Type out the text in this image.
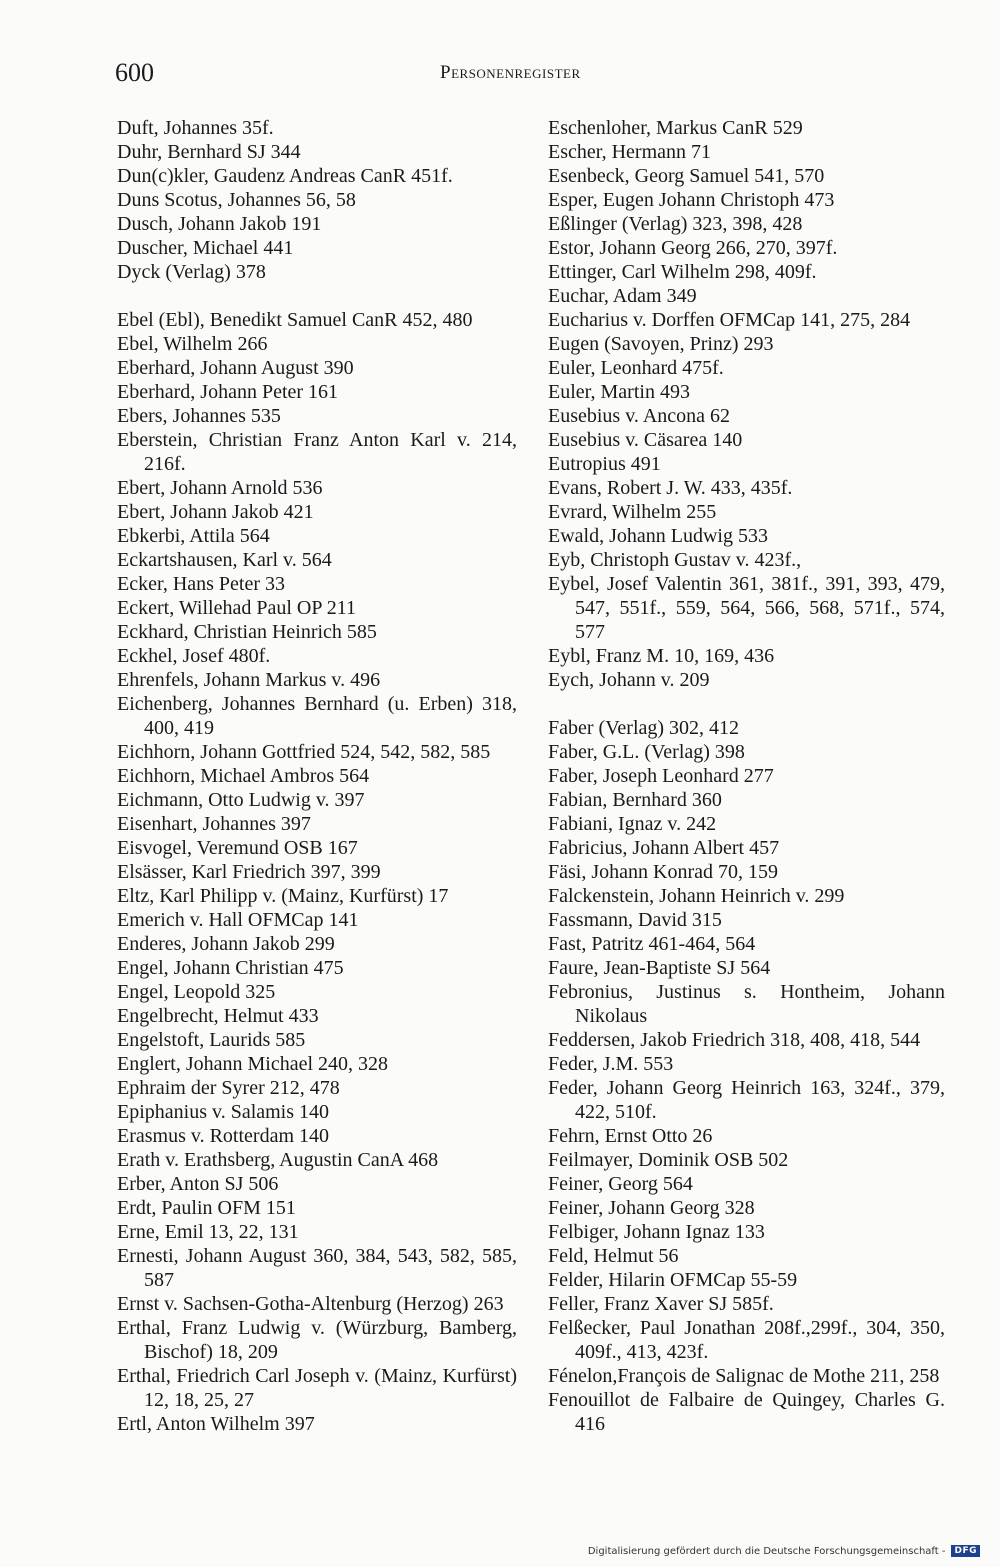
600	Personenregister
Duft, Johannes 35f.
Duhr, Bernhard SJ 344
Dun(c)kler, Gaudenz Andreas CanR 451f.
Duns Scotus, Johannes 56, 58
Dusch, Johann Jakob 191
Duscher, Michael 441
Dyck (Verlag) 378
Ebel (Ebl), Benedikt Samuel CanR 452, 480
Ebel, Wilhelm 266
Eberhard, Johann August 390
Eberhard, Johann Peter 161
Ebers, Johannes 535
Eberstein, Christian Franz Anton Karl v. 214, 216f.
Ebert, Johann Arnold 536
Ebert, Johann Jakob 421
Ebkerbi, Attila 564
Eckartshausen, Karl v. 564
Ecker, Hans Peter 33
Eckert, Willehad Paul OP 211
Eckhard, Christian Heinrich 585
Eckhel, Josef 480f.
Ehrenfels, Johann Markus v. 496
Eichenberg, Johannes Bernhard (u. Erben) 318, 400, 419
Eichhorn, Johann Gottfried 524, 542, 582, 585
Eichhorn, Michael Ambros 564
Eichmann, Otto Ludwig v. 397
Eisenhart, Johannes 397
Eisvogel, Veremund OSB 167
Elsässer, Karl Friedrich 397, 399
Eltz, Karl Philipp v. (Mainz, Kurfürst) 17
Emerich v. Hall OFMCap 141
Enderes, Johann Jakob 299
Engel, Johann Christian 475
Engel, Leopold 325
Engelbrecht, Helmut 433
Engelstoft, Laurids 585
Englert, Johann Michael 240, 328
Ephraim der Syrer 212, 478
Epiphanius v. Salamis 140
Erasmus v. Rotterdam 140
Erath v. Erathsberg, Augustin CanA 468
Erber, Anton SJ 506
Erdt, Paulin OFM 151
Erne, Emil 13, 22, 131
Ernesti, Johann August 360, 384, 543, 582, 585, 587
Ernst v. Sachsen-Gotha-Altenburg (Herzog) 263
Erthal, Franz Ludwig v. (Würzburg, Bamberg, Bischof) 18, 209
Erthal, Friedrich Carl Joseph v. (Mainz, Kurfürst) 12, 18, 25, 27
Ertl, Anton Wilhelm 397
Eschenloher, Markus CanR 529
Escher, Hermann 71
Esenbeck, Georg Samuel 541, 570
Esper, Eugen Johann Christoph 473
Eßlinger (Verlag) 323, 398, 428
Estor, Johann Georg 266, 270, 397f.
Ettinger, Carl Wilhelm 298, 409f.
Euchar, Adam 349
Eucharius v. Dorffen OFMCap 141, 275, 284
Eugen (Savoyen, Prinz) 293
Euler, Leonhard 475f.
Euler, Martin 493
Eusebius v. Ancona 62
Eusebius v. Cäsarea 140
Eutropius 491
Evans, Robert J. W. 433, 435f.
Evrard, Wilhelm 255
Ewald, Johann Ludwig 533
Eyb, Christoph Gustav v. 423f.,
Eybel, Josef Valentin 361, 381f., 391, 393, 479, 547, 551f., 559, 564, 566, 568, 571f., 574, 577
Eybl, Franz M. 10, 169, 436
Eych, Johann v. 209
Faber (Verlag) 302, 412
Faber, G.L. (Verlag) 398
Faber, Joseph Leonhard 277
Fabian, Bernhard 360
Fabiani, Ignaz v. 242
Fabricius, Johann Albert 457
Fäsi, Johann Konrad 70, 159
Falckenstein, Johann Heinrich v. 299
Fassmann, David 315
Fast, Patritz 461-464, 564
Faure, Jean-Baptiste SJ 564
Febronius, Justinus s. Hontheim, Johann Nikolaus
Feddersen, Jakob Friedrich 318, 408, 418, 544
Feder, J.M. 553
Feder, Johann Georg Heinrich 163, 324f., 379, 422, 510f.
Fehrn, Ernst Otto 26
Feilmayer, Dominik OSB 502
Feiner, Georg 564
Feiner, Johann Georg 328
Felbiger, Johann Ignaz 133
Feld, Helmut 56
Felder, Hilarin OFMCap 55-59
Feller, Franz Xaver SJ 585f.
Felßecker, Paul Jonathan 208f.,299f., 304, 350, 409f., 413, 423f.
Fénelon,François de Salignac de Mothe 211, 258
Fenouillot de Falbaire de Quingey, Charles G. 416
Digitalisierung gefördert durch die Deutsche Forschungsgemeinschaft -	DFG
